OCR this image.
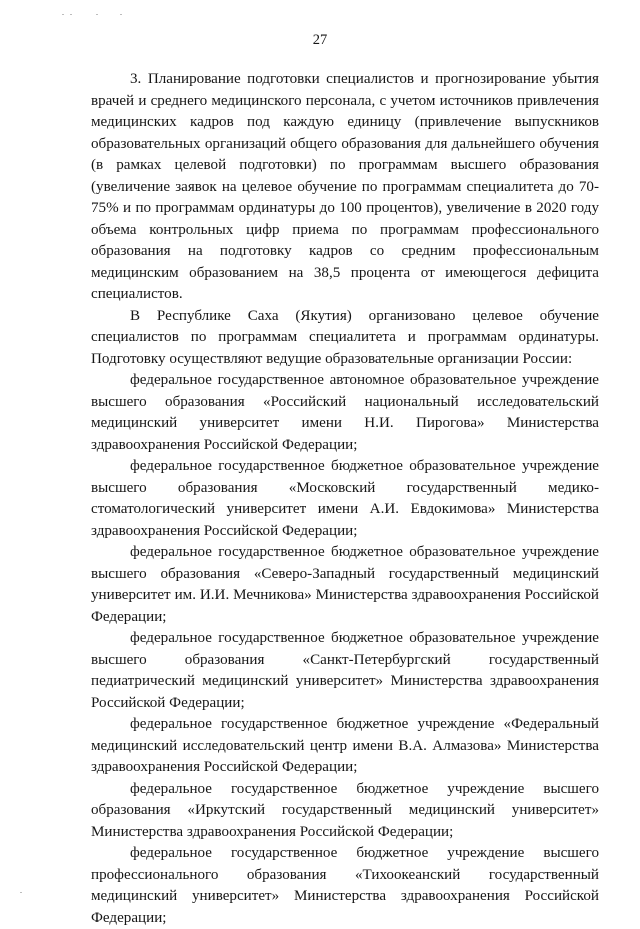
27

3. Планирование подготовки специалистов и прогнозирование убытия врачей и среднего медицинского персонала, с учетом источников привлечения медицинских кадров под каждую единицу (привлечение выпускников образовательных организаций общего образования для дальнейшего обучения (в рамках целевой подготовки) по программам высшего образования (увеличение заявок на целевое обучение по программам специалитета до 70-75% и по программам ординатуры до 100 процентов), увеличение в 2020 году объема контрольных цифр приема по программам профессионального образования на подготовку кадров со средним профессиональным медицинским образованием на 38,5 процента от имеющегося дефицита специалистов.

В Республике Саха (Якутия) организовано целевое обучение специалистов по программам специалитета и программам ординатуры. Подготовку осуществляют ведущие образовательные организации России:

федеральное государственное автономное образовательное учреждение высшего образования «Российский национальный исследовательский медицинский университет имени Н.И. Пирогова» Министерства здравоохранения Российской Федерации;

федеральное государственное бюджетное образовательное учреждение высшего образования «Московский государственный медико-стоматологический университет имени А.И. Евдокимова» Министерства здравоохранения Российской Федерации;

федеральное государственное бюджетное образовательное учреждение высшего образования «Северо-Западный государственный медицинский университет им. И.И. Мечникова» Министерства здравоохранения Российской Федерации;

федеральное государственное бюджетное образовательное учреждение высшего образования «Санкт-Петербургский государственный педиатрический медицинский университет» Министерства здравоохранения Российской Федерации;

федеральное государственное бюджетное учреждение «Федеральный медицинский исследовательский центр имени В.А. Алмазова» Министерства здравоохранения Российской Федерации;

федеральное государственное бюджетное учреждение высшего образования «Иркутский государственный медицинский университет» Министерства здравоохранения Российской Федерации;

федеральное государственное бюджетное учреждение высшего профессионального образования «Тихоокеанский государственный медицинский университет» Министерства здравоохранения Российской Федерации;
